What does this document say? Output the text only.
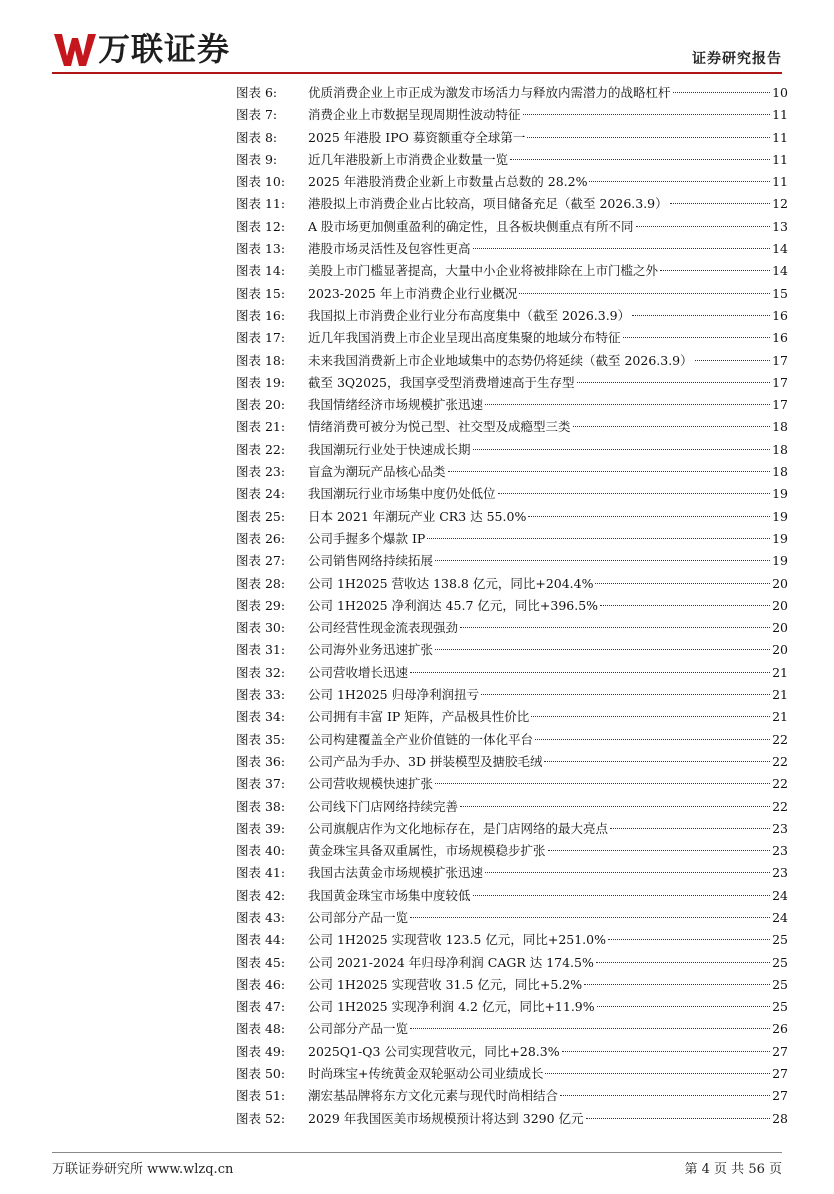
万联证券	证券研究报告
图表 6: 优质消费企业上市正成为激发市场活力与释放内需潜力的战略杠杆	10
图表 7: 消费企业上市数据呈现周期性波动特征	11
图表 8: 2025 年港股 IPO 募资额重夺全球第一	11
图表 9: 近几年港股新上市消费企业数量一览	11
图表 10: 2025 年港股消费企业新上市数量占总数的 28.2%	11
图表 11: 港股拟上市消费企业占比较高，项目储备充足（截至 2026.3.9）	12
图表 12: A 股市场更加侧重盈利的确定性，且各板块侧重点有所不同	13
图表 13: 港股市场灵活性及包容性更高	14
图表 14: 美股上市门槛显著提高，大量中小企业将被排除在上市门槛之外	14
图表 15: 2023-2025 年上市消费企业行业概况	15
图表 16: 我国拟上市消费企业行业分布高度集中（截至 2026.3.9）	16
图表 17: 近几年我国消费上市企业呈现出高度集聚的地域分布特征	16
图表 18: 未来我国消费新上市企业地域集中的态势仍将延续（截至 2026.3.9）	17
图表 19: 截至 3Q2025，我国享受型消费增速高于生存型	17
图表 20: 我国情绪经济市场规模扩张迅速	17
图表 21: 情绪消费可被分为悦己型、社交型及成瘾型三类	18
图表 22: 我国潮玩行业处于快速成长期	18
图表 23: 盲盒为潮玩产品核心品类	18
图表 24: 我国潮玩行业市场集中度仍处低位	19
图表 25: 日本 2021 年潮玩产业 CR3 达 55.0%	19
图表 26: 公司手握多个爆款 IP	19
图表 27: 公司销售网络持续拓展	19
图表 28: 公司 1H2025 营收达 138.8 亿元，同比+204.4%	20
图表 29: 公司 1H2025 净利润达 45.7 亿元，同比+396.5%	20
图表 30: 公司经营性现金流表现强劲	20
图表 31: 公司海外业务迅速扩张	20
图表 32: 公司营收增长迅速	21
图表 33: 公司 1H2025 归母净利润扭亏	21
图表 34: 公司拥有丰富 IP 矩阵，产品极具性价比	21
图表 35: 公司构建覆盖全产业价值链的一体化平台	22
图表 36: 公司产品为手办、3D 拼装模型及搪胶毛绒	22
图表 37: 公司营收规模快速扩张	22
图表 38: 公司线下门店网络持续完善	22
图表 39: 公司旗舰店作为文化地标存在，是门店网络的最大亮点	23
图表 40: 黄金珠宝具备双重属性，市场规模稳步扩张	23
图表 41: 我国古法黄金市场规模扩张迅速	23
图表 42: 我国黄金珠宝市场集中度较低	24
图表 43: 公司部分产品一览	24
图表 44: 公司 1H2025 实现营收 123.5 亿元，同比+251.0%	25
图表 45: 公司 2021-2024 年归母净利润 CAGR 达 174.5%	25
图表 46: 公司 1H2025 实现营收 31.5 亿元，同比+5.2%	25
图表 47: 公司 1H2025 实现净利润 4.2 亿元，同比+11.9%	25
图表 48: 公司部分产品一览	26
图表 49: 2025Q1-Q3 公司实现营收元，同比+28.3%	27
图表 50: 时尚珠宝+传统黄金双轮驱动公司业绩成长	27
图表 51: 潮宏基品牌将东方文化元素与现代时尚相结合	27
图表 52: 2029 年我国医美市场规模预计将达到 3290 亿元	28
万联证券研究所 www.wlzq.cn	第 4 页 共 56 页
